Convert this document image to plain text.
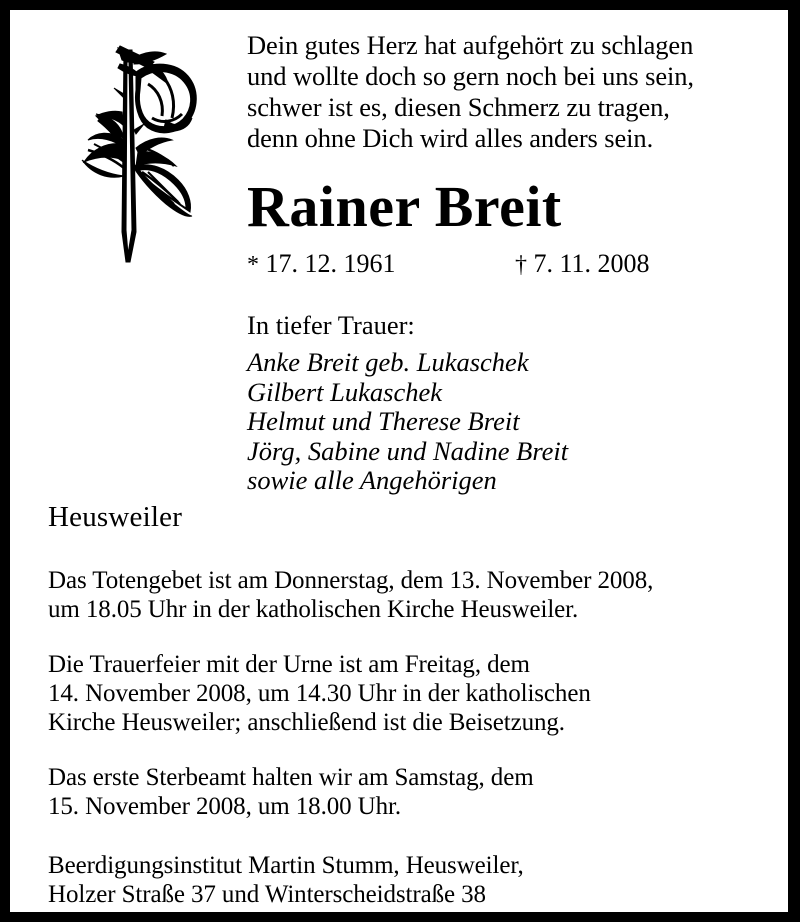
Dein gutes Herz hat aufgehört zu schlagen
und wollte doch so gern noch bei uns sein,
schwer ist es, diesen Schmerz zu tragen,
denn ohne Dich wird alles anders sein.
Rainer Breit
* 17. 12. 1961	† 7. 11. 2008
In tiefer Trauer:
Anke Breit geb. Lukaschek
Gilbert Lukaschek
Helmut und Therese Breit
Jörg, Sabine und Nadine Breit
sowie alle Angehörigen
Heusweiler
Das Totengebet ist am Donnerstag, dem 13. November 2008,
um 18.05 Uhr in der katholischen Kirche Heusweiler.
Die Trauerfeier mit der Urne ist am Freitag, dem
14. November 2008, um 14.30 Uhr in der katholischen
Kirche Heusweiler; anschließend ist die Beisetzung.
Das erste Sterbeamt halten wir am Samstag, dem
15. November 2008, um 18.00 Uhr.
Beerdigungsinstitut Martin Stumm, Heusweiler,
Holzer Straße 37 und Winterscheidstraße 38
